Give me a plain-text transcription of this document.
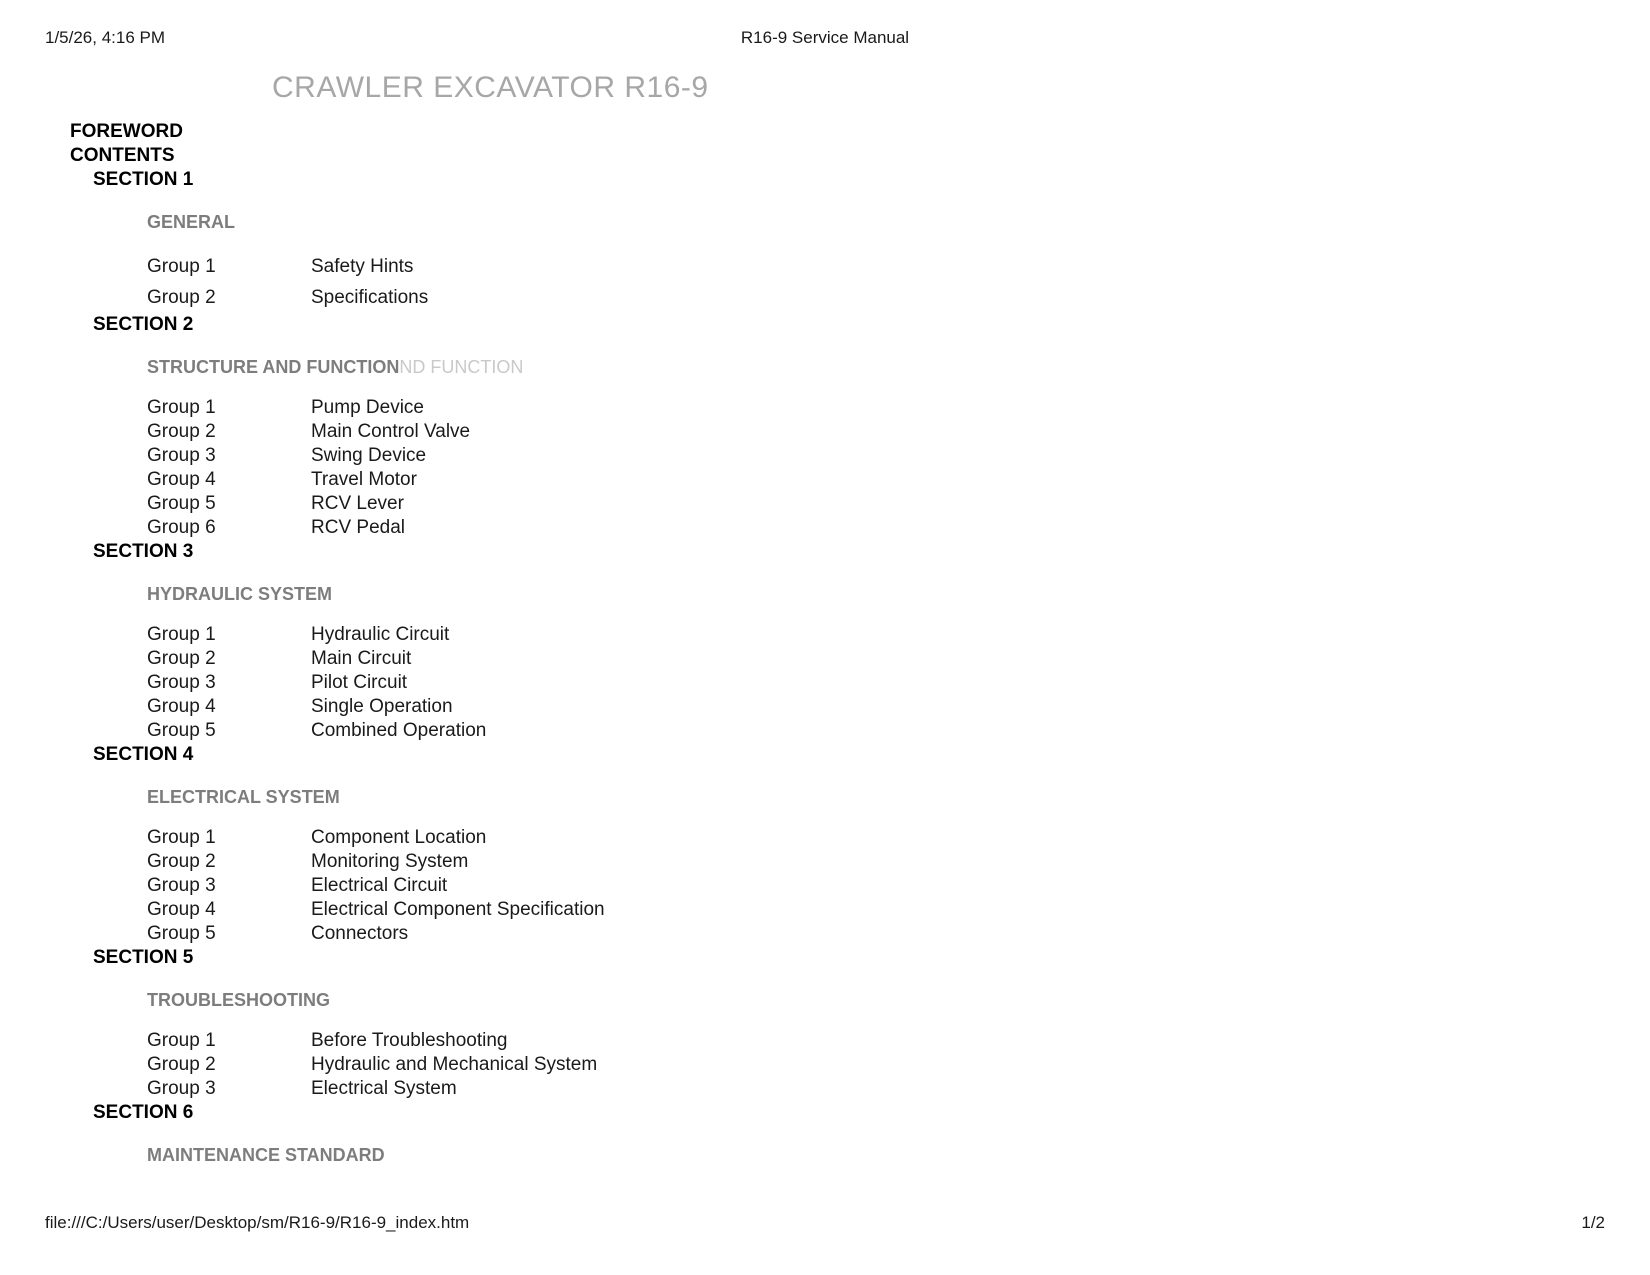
1/5/26, 4:16 PM	R16-9 Service Manual
CRAWLER EXCAVATOR R16-9
FOREWORD
CONTENTS
SECTION 1
GENERAL
Group 1	Safety Hints
Group 2	Specifications
SECTION 2
STRUCTURE AND FUNCTIONND FUNCTION
Group 1	Pump Device
Group 2	Main Control Valve
Group 3	Swing Device
Group 4	Travel Motor
Group 5	RCV Lever
Group 6	RCV Pedal
SECTION 3
HYDRAULIC SYSTEM
Group 1	Hydraulic Circuit
Group 2	Main Circuit
Group 3	Pilot Circuit
Group 4	Single Operation
Group 5	Combined Operation
SECTION 4
ELECTRICAL SYSTEM
Group 1	Component Location
Group 2	Monitoring System
Group 3	Electrical Circuit
Group 4	Electrical Component Specification
Group 5	Connectors
SECTION 5
TROUBLESHOOTING
Group 1	Before Troubleshooting
Group 2	Hydraulic and Mechanical System
Group 3	Electrical System
SECTION 6
MAINTENANCE STANDARD
file:///C:/Users/user/Desktop/sm/R16-9/R16-9_index.htm	1/2
